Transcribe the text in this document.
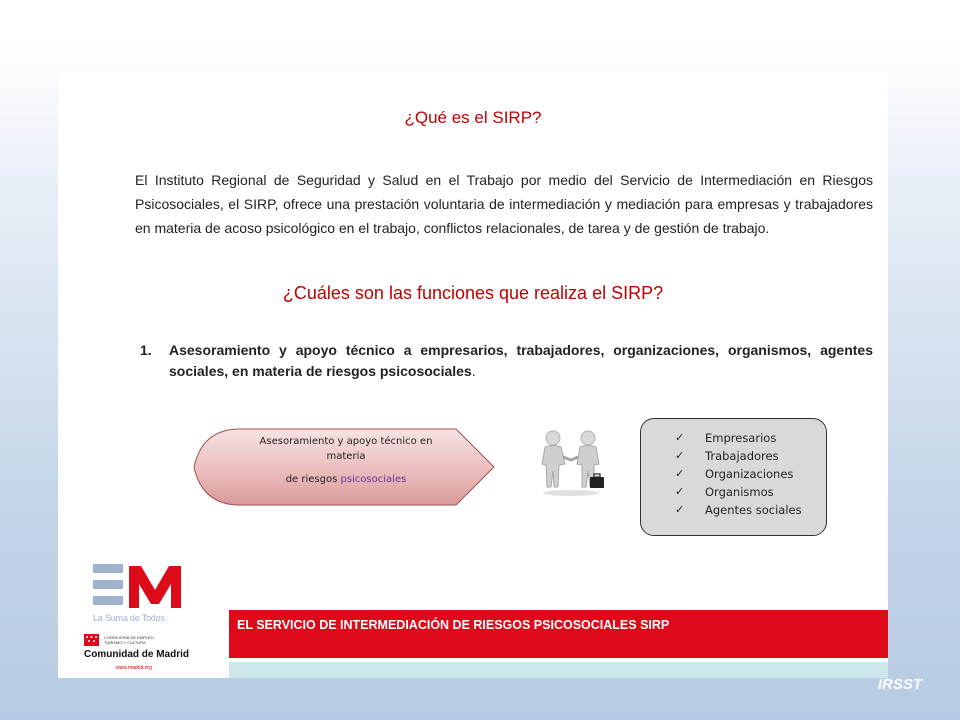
¿Qué es el SIRP?

El Instituto Regional de Seguridad y Salud en el Trabajo por medio del Servicio de Intermediación en Riesgos Psicosociales, el SIRP, ofrece una prestación voluntaria de intermediación y mediación para empresas y trabajadores en materia de acoso psicológico en el trabajo, conflictos relacionales, de tarea y de gestión de trabajo.

¿Cuáles son las funciones que realiza el SIRP?
1. Asesoramiento y apoyo técnico a empresarios, trabajadores, organizaciones, organismos, agentes sociales, en materia de riesgos psicosociales.
Asesoramiento y apoyo técnico en
materia
de riesgos psicosociales
✓ Empresarios
✓ Trabajadores
✓ Organizaciones
✓ Organismos
✓ Agentes sociales
★ ★ ★ ★ ★
La Suma de Todos
CONSEJERÍA DE EMPLEO,
TURISMO Y CULTURA
Comunidad de Madrid
www.madrid.org
EL SERVICIO DE INTERMEDIACIÓN DE RIESGOS PSICOSOCIALES SIRP
IRSST
